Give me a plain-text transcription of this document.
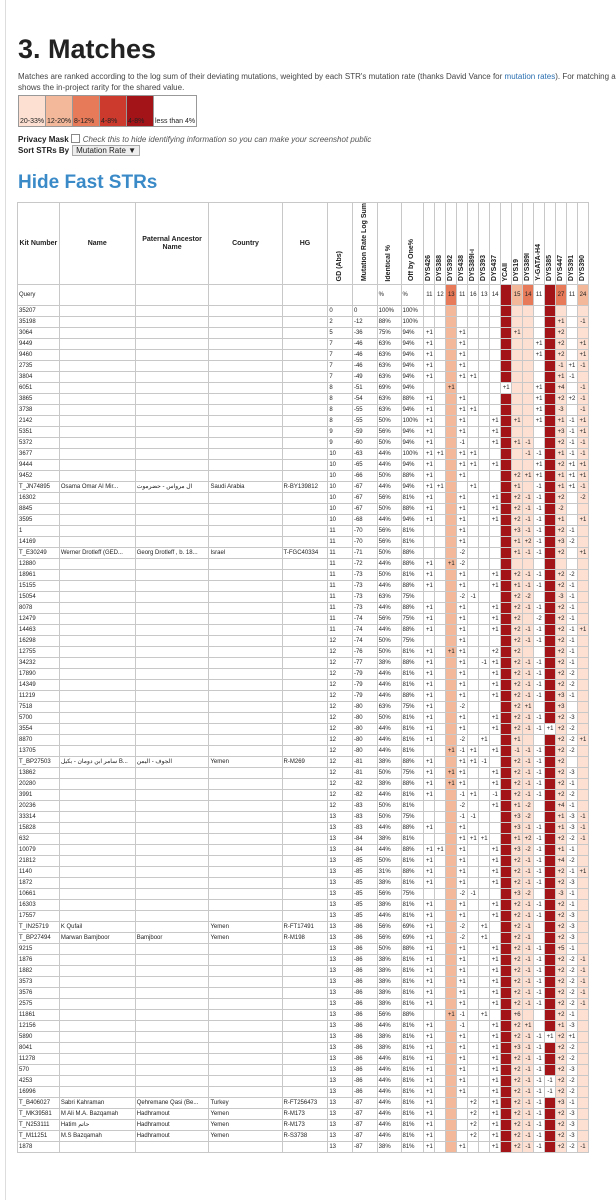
3. Matches
Matches are ranked according to the log sum of their deviating mutations, weighted by each STR's mutation rate (thanks David Vance for mutation rates). For matching a
shows the in-project rarity for the shared value.
20-33% 12-20% 8-12% 4-8% 4-8% less than 4%
Privacy Mask Check this to hide identifying information so you can make your screenshot public
Sort STRs By Mutation Rate ▼
Hide Fast STRs
Kit Number	Name	Paternal Ancestor Name	Country	HG	GD (Abs)	Mutation Rate Log Sum	Identical %	Off by One%	DYS426	DYS388	DYS392	DYS438	DYS389I-i	DYS393	DYS437	YCAII	DYS19	DYS389I	Y-GATA-H4	DYS385	DYS447	DYS391	DYS390

Query							%	%	11	12	13	11	16	13	14		15	14	11		27	11	24
35207					0	0	100%	100%															
35198					2	-12	88%	100%													+1		-1
3064					5	-36	75%	94%	+1			+1					+1				+2		
9449					7	-46	63%	94%	+1			+1							+1		+2		+1
9460					7	-46	63%	94%	+1			+1							+1		+2		+1
2735					7	-46	63%	94%	+1			+1									-1	+1	-1
3804					7	-49	63%	94%	+1			+1	+1								+1	-1	
6051					8	-51	69%	94%			+1					+1			+1		+4		-1
3865					8	-54	63%	88%	+1			+1							+1		+2	+2	-1
3738					8	-55	63%	94%	+1			+1	+1						+1		-3		-1
2142					8	-55	50%	100%	+1			+1			+1		+1		+1		+1	-1	+1
5351					9	-59	56%	94%	+1			+1			+1						+3	-1	+1
5372					9	-60	50%	94%	+1			-1			+1		+1	-1			+2	-1	-1
3677					10	-63	44%	100%	+1	+1		+1	+1					-1	-1		+1	-1	-1
9444					10	-65	44%	94%	+1			+1	+1		+1				+1		+2	+1	+1
9452					10	-66	50%	88%	+1			+1					+2	+1	+1		+1	+1	+1
T_JN74895	Osama Omar Al Mir...	ال مرواس - حضرموت	Saudi Arabia	R-BY139812	10	-67	44%	94%	+1	+1			+1				+1		-1		+1	+1	-1
16302					10	-67	56%	81%	+1			+1			+1		+2	-1	-1		+2		-2
8845					10	-67	50%	88%	+1			+1			+1		+2	-1	-1		-2		
3595					10	-68	44%	94%	+1			+1			+1		+2	-1	-1		+1		+1
1					11	-70	56%	81%				+1					+3	-1	-1		+2	-1	
14169					11	-70	56%	81%				+1					+1	+2	-1		+3	-2	
T_E30249	Werner Drotleff (GED...	Georg Drotleff , b. 18...	Israel	T-FGC40334	11	-71	50%	88%				-2					+1	-1	-1		+2		+1
12880					11	-72	44%	88%	+1		+1	-2											
18961					11	-73	50%	81%	+1			+1			+1		+2	-1	-1		+2	-2	
15155					11	-73	44%	88%	+1			+1			+1		+1	-1	-1		+2	-1	
15054					11	-73	63%	75%				-2	-1				+2	-2			-3	-1	
8078					11	-73	44%	88%	+1			+1			+1		+2	-1	-1		+2	-1	
12479					11	-74	56%	75%	+1			+1			+1		+2		-2		+2	-1	
14463					11	-74	44%	88%	+1			+1			+1		+2	-1	-1		+2	-1	+1
16298					12	-74	50%	75%				+1					+2	-1	-1		+2	-1	
12755					12	-76	50%	81%	+1		+1	+1			+2		+2				+2	-1	
34232					12	-77	38%	88%	+1			+1		-1	+1		+2	-1	-1		+2	-1	
17890					12	-79	44%	81%	+1			+1			+1		+2	-1	-1		+2	-2	
14349					12	-79	44%	81%	+1			+1			+1		+2	-1	-1		+2	-2	
11219					12	-79	44%	88%	+1			+1			+1		+2	-1	-1		+3	-1	
7518					12	-80	63%	75%	+1			-2					+2	+1			+3		
5700					12	-80	50%	81%	+1			+1			+1		+2	-1	-1		+2	-3	
3554					12	-80	44%	81%	+1			+1			+1		+2	-1	-1	+1	+2	-2	
8870					12	-80	44%	81%	+1			-2		+1			+1				+2	-2	+1
13705					12	-80	44%	81%			+1	-1	+1		+1		-1	-1	-1		+2	-2	
T_BP27503	سامر ابن دومان - بكيل B...	الجوف - اليمن	Yemen	R-M269	12	-81	38%	88%	+1			+1	+1	-1			+2	-1	-1		+2		
13862					12	-81	50%	75%	+1		+1	+1			+1		+2	-1	-1		+2	-3	
20280					12	-82	38%	88%	+1		+1	+1			+1		+2	-1	-1		+2	-1	
3991					12	-82	44%	81%	+1			-1	+1		-1		+2	-1	-1		+2	-2	
20236					12	-83	50%	81%				-2			+1		+1	-2			+4	-1	
33314					13	-83	50%	75%				-1	-1				+3	-2			+1	-3	-1
15828					13	-83	44%	88%	+1			+1					+3	-1	-1		+1	-3	-1
632					13	-84	38%	81%				+1	+1	+1			+1	+2	-1		+2	-2	-1
10079					13	-84	44%	88%	+1	+1		+1			+1		+3	-2	-1		+1	-1	
21812					13	-85	50%	81%	+1			+1			+1		+2	-1	-1		+4	-2	
1140					13	-85	31%	88%	+1			+1			+1		+2	-1	-1		+2	-1	+1
1872					13	-85	38%	81%	+1			+1			+1		+2	-1	-1		+2	-3	
10661					13	-85	56%	75%				-2	-1				+3	-2			-3	-1	
16303					13	-85	38%	81%	+1			+1			+1		+2	-1	-1		+2	-1	
17557					13	-85	44%	81%	+1			+1			+1		+2	-1	-1		+2	-3	
T_IN25719	K Qufail		Yemen	R-FT17491	13	-86	56%	69%	+1			-2		+1			+2	-1			+2	-3	
T_BP27494	Marwan Bamjboor	Bamjboor	Yemen	R-M198	13	-86	56%	69%	+1			-2		+1			+2	-1			+2	-3	
9215					13	-86	50%	88%	+1			+1			+1		+2	-1	-1		+5	-1	
1876					13	-86	38%	81%	+1			+1			+1		+2	-1	-1		+2	-2	-1
1882					13	-86	38%	81%	+1			+1			+1		+2	-1	-1		+2	-2	-1
3573					13	-86	38%	81%	+1			+1			+1		+2	-1	-1		+2	-2	-1
3576					13	-86	38%	81%	+1			+1			+1		+2	-1	-1		+2	-2	-1
2575					13	-86	38%	81%	+1			+1			+1		+2	-1	-1		+2	-2	-1
11861					13	-86	56%	88%			+1	-1		+1			+6				+2	-1	
12156					13	-86	44%	81%	+1			-1			+1		+2	+1			+1	-3	
5890					13	-86	38%	81%	+1			+1			+1		+2	-1	-1	+1	+2	+1	
8041					13	-86	38%	81%	+1			+1			+1		+3	-1	-1		+2	-2	
11278					13	-86	44%	81%	+1			+1			+1		+2	-1	-1		+2	-2	
570					13	-86	44%	81%	+1			+1			+1		+2	-1	-1		+2	-3	
4253					13	-86	44%	81%	+1			+1			+1		+2	-1	-1	-1	+2	-2	
16996					13	-86	44%	81%	+1			+1			+1		+2	-1	-1	-1	+2	-2	
T_B406027	Sabri Kahraman	Qehremane Qasi (Be...	Turkey	R-FT256473	13	-87	44%	81%	+1				+2		+1		+2	-1	-1		+3	-1	
T_MK39581	M Ali M.A. Bazqamah	Hadhramout	Yemen	R-M173	13	-87	44%	81%	+1				+2		+1		+2	-1	-1		+2	-3	
T_N253111	Hatim حاتم	Hadhramout	Yemen	R-M173	13	-87	44%	81%	+1				+2		+1		+2	-1	-1		+2	-3	
T_M11251	M.S Bazqamah	Hadhramout	Yemen	R-S3738	13	-87	44%	81%	+1				+2		+1		+2	-1	-1		+2	-3	
1878					13	-87	38%	81%	+1			+1			+1		+2	-1	-1		+2	-2	-1
